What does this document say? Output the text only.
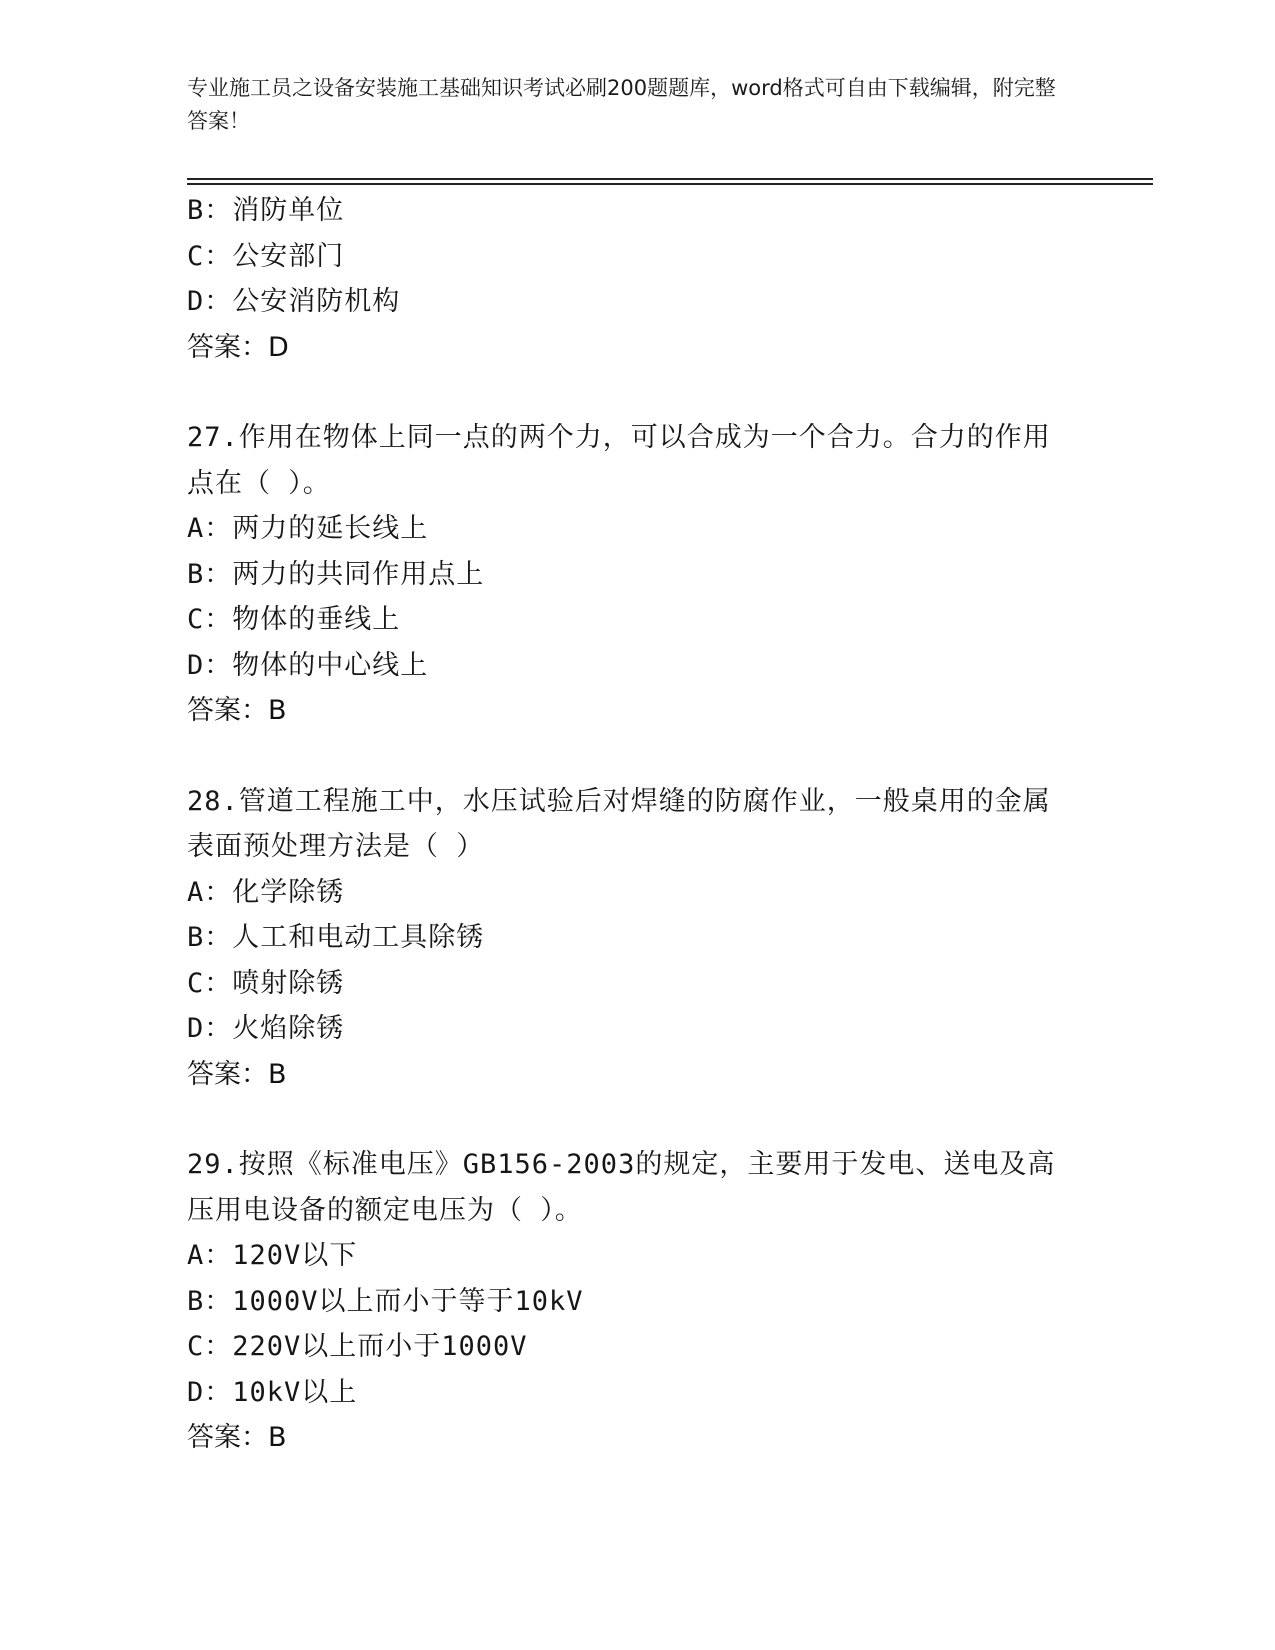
专业施工员之设备安装施工基础知识考试必刷200题题库，word格式可自由下载编辑，附完整答案！
B：消防单位
C：公安部门
D：公安消防机构
答案：D
27.作用在物体上同一点的两个力，可以合成为一个合力。合力的作用点在（ ）。
A：两力的延长线上
B：两力的共同作用点上
C：物体的垂线上
D：物体的中心线上
答案：B
28.管道工程施工中，水压试验后对焊缝的防腐作业，一般桌用的金属表面预处理方法是（ ）
A：化学除锈
B：人工和电动工具除锈
C：喷射除锈
D：火焰除锈
答案：B
29.按照《标准电压》GB156-2003的规定，主要用于发电、送电及高压用电设备的额定电压为（ ）。
A：120V以下
B：1000V以上而小于等于10kV
C：220V以上而小于1000V
D：10kV以上
答案：B
